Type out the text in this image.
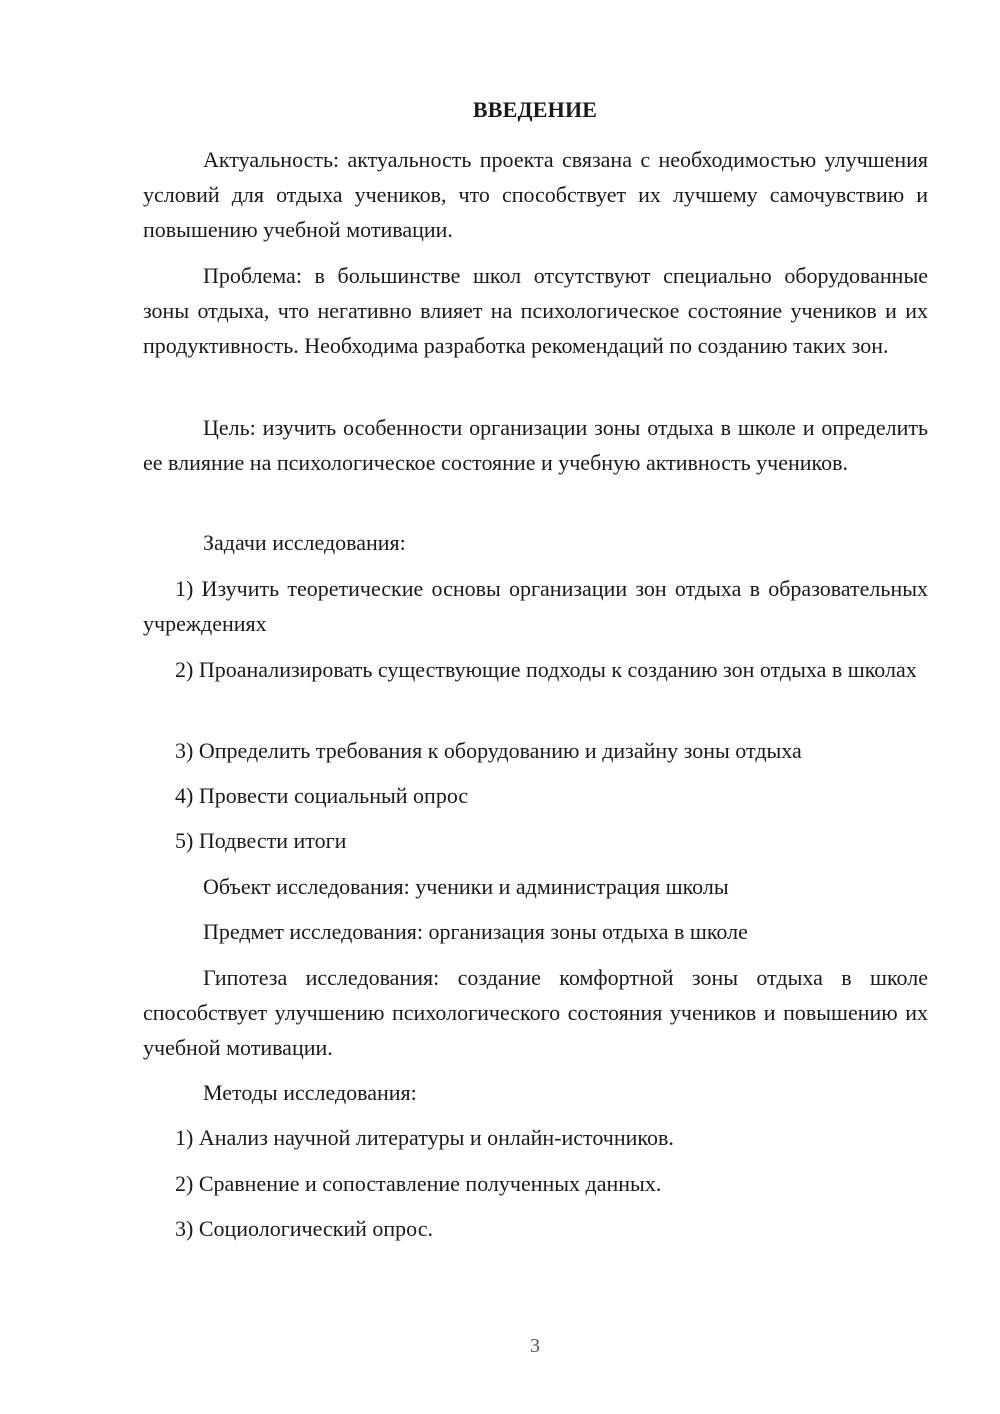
ВВЕДЕНИЕ

Актуальность: актуальность проекта связана с необходимостью улучшения условий для отдыха учеников, что способствует их лучшему самочувствию и повышению учебной мотивации.

Проблема: в большинстве школ отсутствуют специально оборудованные зоны отдыха, что негативно влияет на психологическое состояние учеников и их продуктивность. Необходима разработка рекомендаций по созданию таких зон.

Цель: изучить особенности организации зоны отдыха в школе и определить ее влияние на психологическое состояние и учебную активность учеников.

Задачи исследования:

1) Изучить теоретические основы организации зон отдыха в образовательных учреждениях

2) Проанализировать существующие подходы к созданию зон отдыха в школах

3) Определить требования к оборудованию и дизайну зоны отдыха

4) Провести социальный опрос

5) Подвести итоги

Объект исследования: ученики и администрация школы

Предмет исследования: организация зоны отдыха в школе

Гипотеза исследования: создание комфортной зоны отдыха в школе способствует улучшению психологического состояния учеников и повышению их учебной мотивации.

Методы исследования:

1) Анализ научной литературы и онлайн-источников.

2) Сравнение и сопоставление полученных данных.

3) Социологический опрос.

3
